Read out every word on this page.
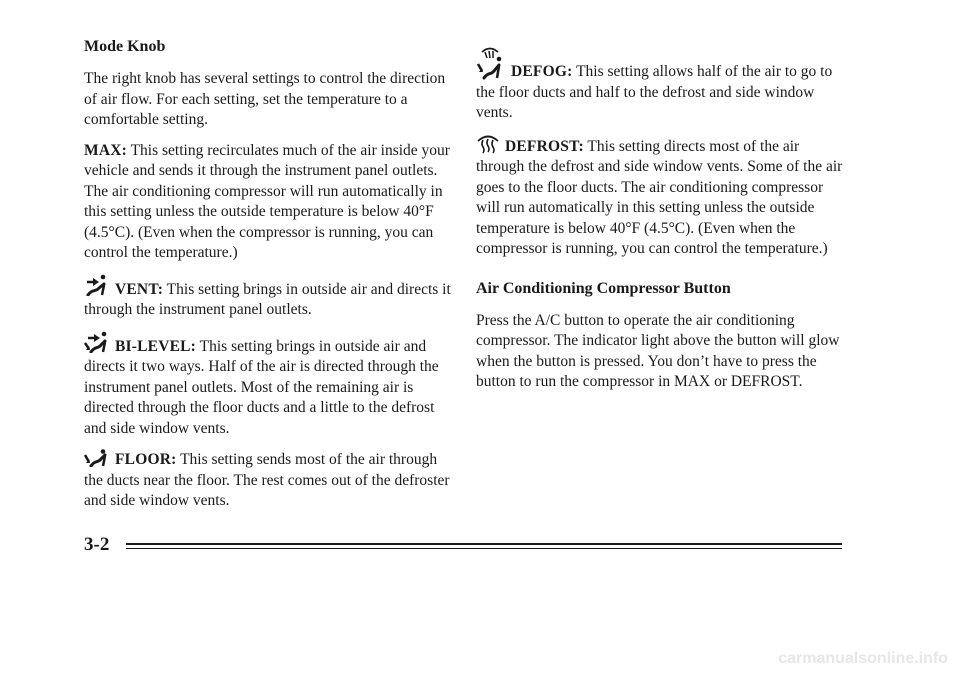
Mode Knob

The right knob has several settings to control the direction of air flow. For each setting, set the temperature to a comfortable setting.

MAX: This setting recirculates much of the air inside your vehicle and sends it through the instrument panel outlets. The air conditioning compressor will run automatically in this setting unless the outside temperature is below 40°F (4.5°C). (Even when the compressor is running, you can control the temperature.)

VENT: This setting brings in outside air and directs it through the instrument panel outlets.

BI-LEVEL: This setting brings in outside air and directs it two ways. Half of the air is directed through the instrument panel outlets. Most of the remaining air is directed through the floor ducts and a little to the defrost and side window vents.

FLOOR: This setting sends most of the air through the ducts near the floor. The rest comes out of the defroster and side window vents.

DEFOG: This setting allows half of the air to go to the floor ducts and half to the defrost and side window vents.

DEFROST: This setting directs most of the air through the defrost and side window vents. Some of the air goes to the floor ducts. The air conditioning compressor will run automatically in this setting unless the outside temperature is below 40°F (4.5°C). (Even when the compressor is running, you can control the temperature.)

Air Conditioning Compressor Button

Press the A/C button to operate the air conditioning compressor. The indicator light above the button will glow when the button is pressed. You don’t have to press the button to run the compressor in MAX or DEFROST.

3-2
carmanualsonline.info
